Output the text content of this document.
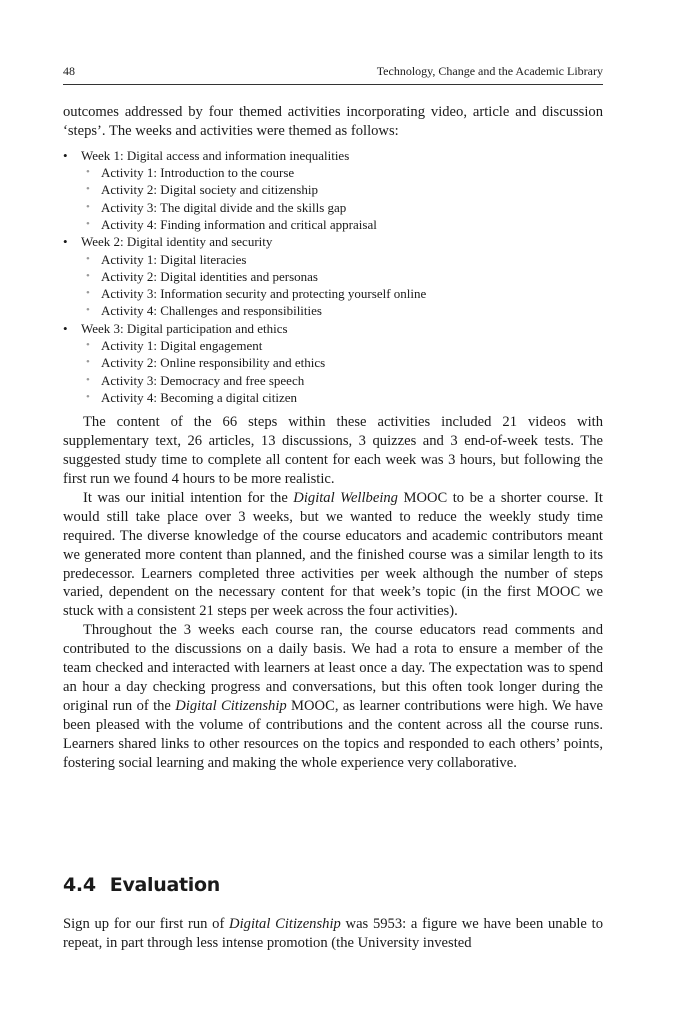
48	Technology, Change and the Academic Library

outcomes addressed by four themed activities incorporating video, article and discussion ‘steps’. The weeks and activities were themed as follows:

• Week 1: Digital access and information inequalities
• Activity 1: Introduction to the course
• Activity 2: Digital society and citizenship
• Activity 3: The digital divide and the skills gap
• Activity 4: Finding information and critical appraisal
• Week 2: Digital identity and security
• Activity 1: Digital literacies
• Activity 2: Digital identities and personas
• Activity 3: Information security and protecting yourself online
• Activity 4: Challenges and responsibilities
• Week 3: Digital participation and ethics
• Activity 1: Digital engagement
• Activity 2: Online responsibility and ethics
• Activity 3: Democracy and free speech
• Activity 4: Becoming a digital citizen

The content of the 66 steps within these activities included 21 videos with supplementary text, 26 articles, 13 discussions, 3 quizzes and 3 end-of-week tests. The suggested study time to complete all content for each week was 3 hours, but following the first run we found 4 hours to be more realistic.

It was our initial intention for the Digital Wellbeing MOOC to be a shorter course. It would still take place over 3 weeks, but we wanted to reduce the weekly study time required. The diverse knowledge of the course educators and academic contributors meant we generated more content than planned, and the finished course was a similar length to its predecessor. Learners completed three activities per week although the number of steps varied, dependent on the necessary content for that week’s topic (in the first MOOC we stuck with a consistent 21 steps per week across the four activities).

Throughout the 3 weeks each course ran, the course educators read comments and contributed to the discussions on a daily basis. We had a rota to ensure a member of the team checked and interacted with learners at least once a day. The expectation was to spend an hour a day checking progress and conversations, but this often took longer during the original run of the Digital Citizenship MOOC, as learner contributions were high. We have been pleased with the volume of contributions and the content across all the course runs. Learners shared links to other resources on the topics and responded to each others’ points, fostering social learning and making the whole experience very collaborative.

4.4 Evaluation

Sign up for our first run of Digital Citizenship was 5953: a figure we have been unable to repeat, in part through less intense promotion (the University invested
